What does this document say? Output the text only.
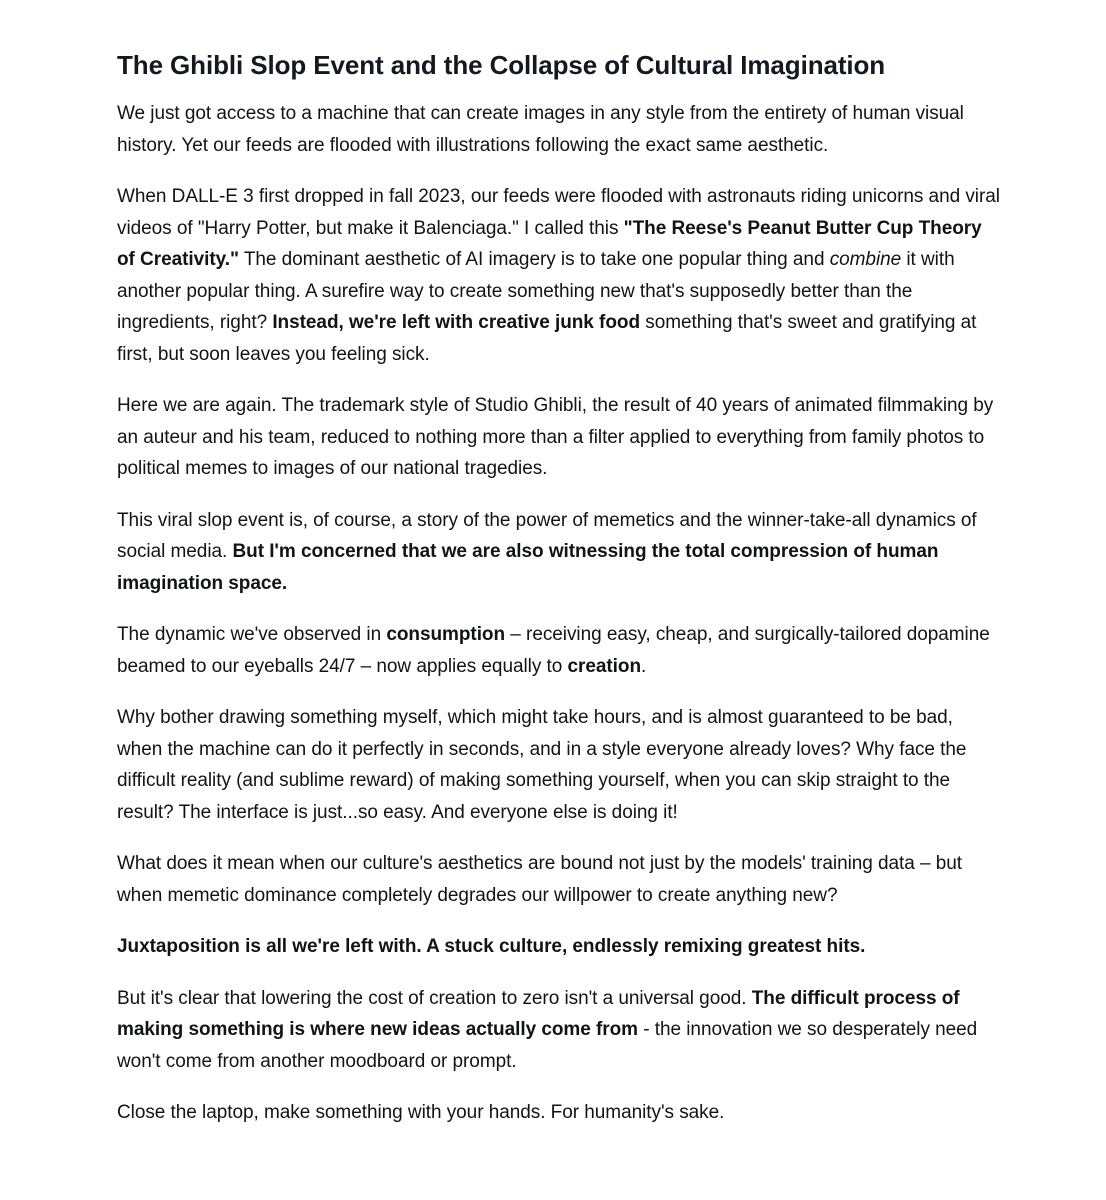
The Ghibli Slop Event and the Collapse of Cultural Imagination

We just got access to a machine that can create images in any style from the entirety of human visual history. Yet our feeds are flooded with illustrations following the exact same aesthetic.

When DALL-E 3 first dropped in fall 2023, our feeds were flooded with astronauts riding unicorns and viral videos of "Harry Potter, but make it Balenciaga." I called this "The Reese's Peanut Butter Cup Theory of Creativity." The dominant aesthetic of AI imagery is to take one popular thing and combine it with another popular thing. A surefire way to create something new that's supposedly better than the ingredients, right? Instead, we're left with creative junk food something that's sweet and gratifying at first, but soon leaves you feeling sick.

Here we are again. The trademark style of Studio Ghibli, the result of 40 years of animated filmmaking by an auteur and his team, reduced to nothing more than a filter applied to everything from family photos to political memes to images of our national tragedies.

This viral slop event is, of course, a story of the power of memetics and the winner-take-all dynamics of social media. But I'm concerned that we are also witnessing the total compression of human imagination space.

The dynamic we've observed in consumption – receiving easy, cheap, and surgically-tailored dopamine beamed to our eyeballs 24/7 – now applies equally to creation.

Why bother drawing something myself, which might take hours, and is almost guaranteed to be bad, when the machine can do it perfectly in seconds, and in a style everyone already loves? Why face the difficult reality (and sublime reward) of making something yourself, when you can skip straight to the result? The interface is just...so easy. And everyone else is doing it!

What does it mean when our culture's aesthetics are bound not just by the models' training data – but when memetic dominance completely degrades our willpower to create anything new?

Juxtaposition is all we're left with. A stuck culture, endlessly remixing greatest hits.

But it's clear that lowering the cost of creation to zero isn't a universal good. The difficult process of making something is where new ideas actually come from - the innovation we so desperately need won't come from another moodboard or prompt.

Close the laptop, make something with your hands. For humanity's sake.
